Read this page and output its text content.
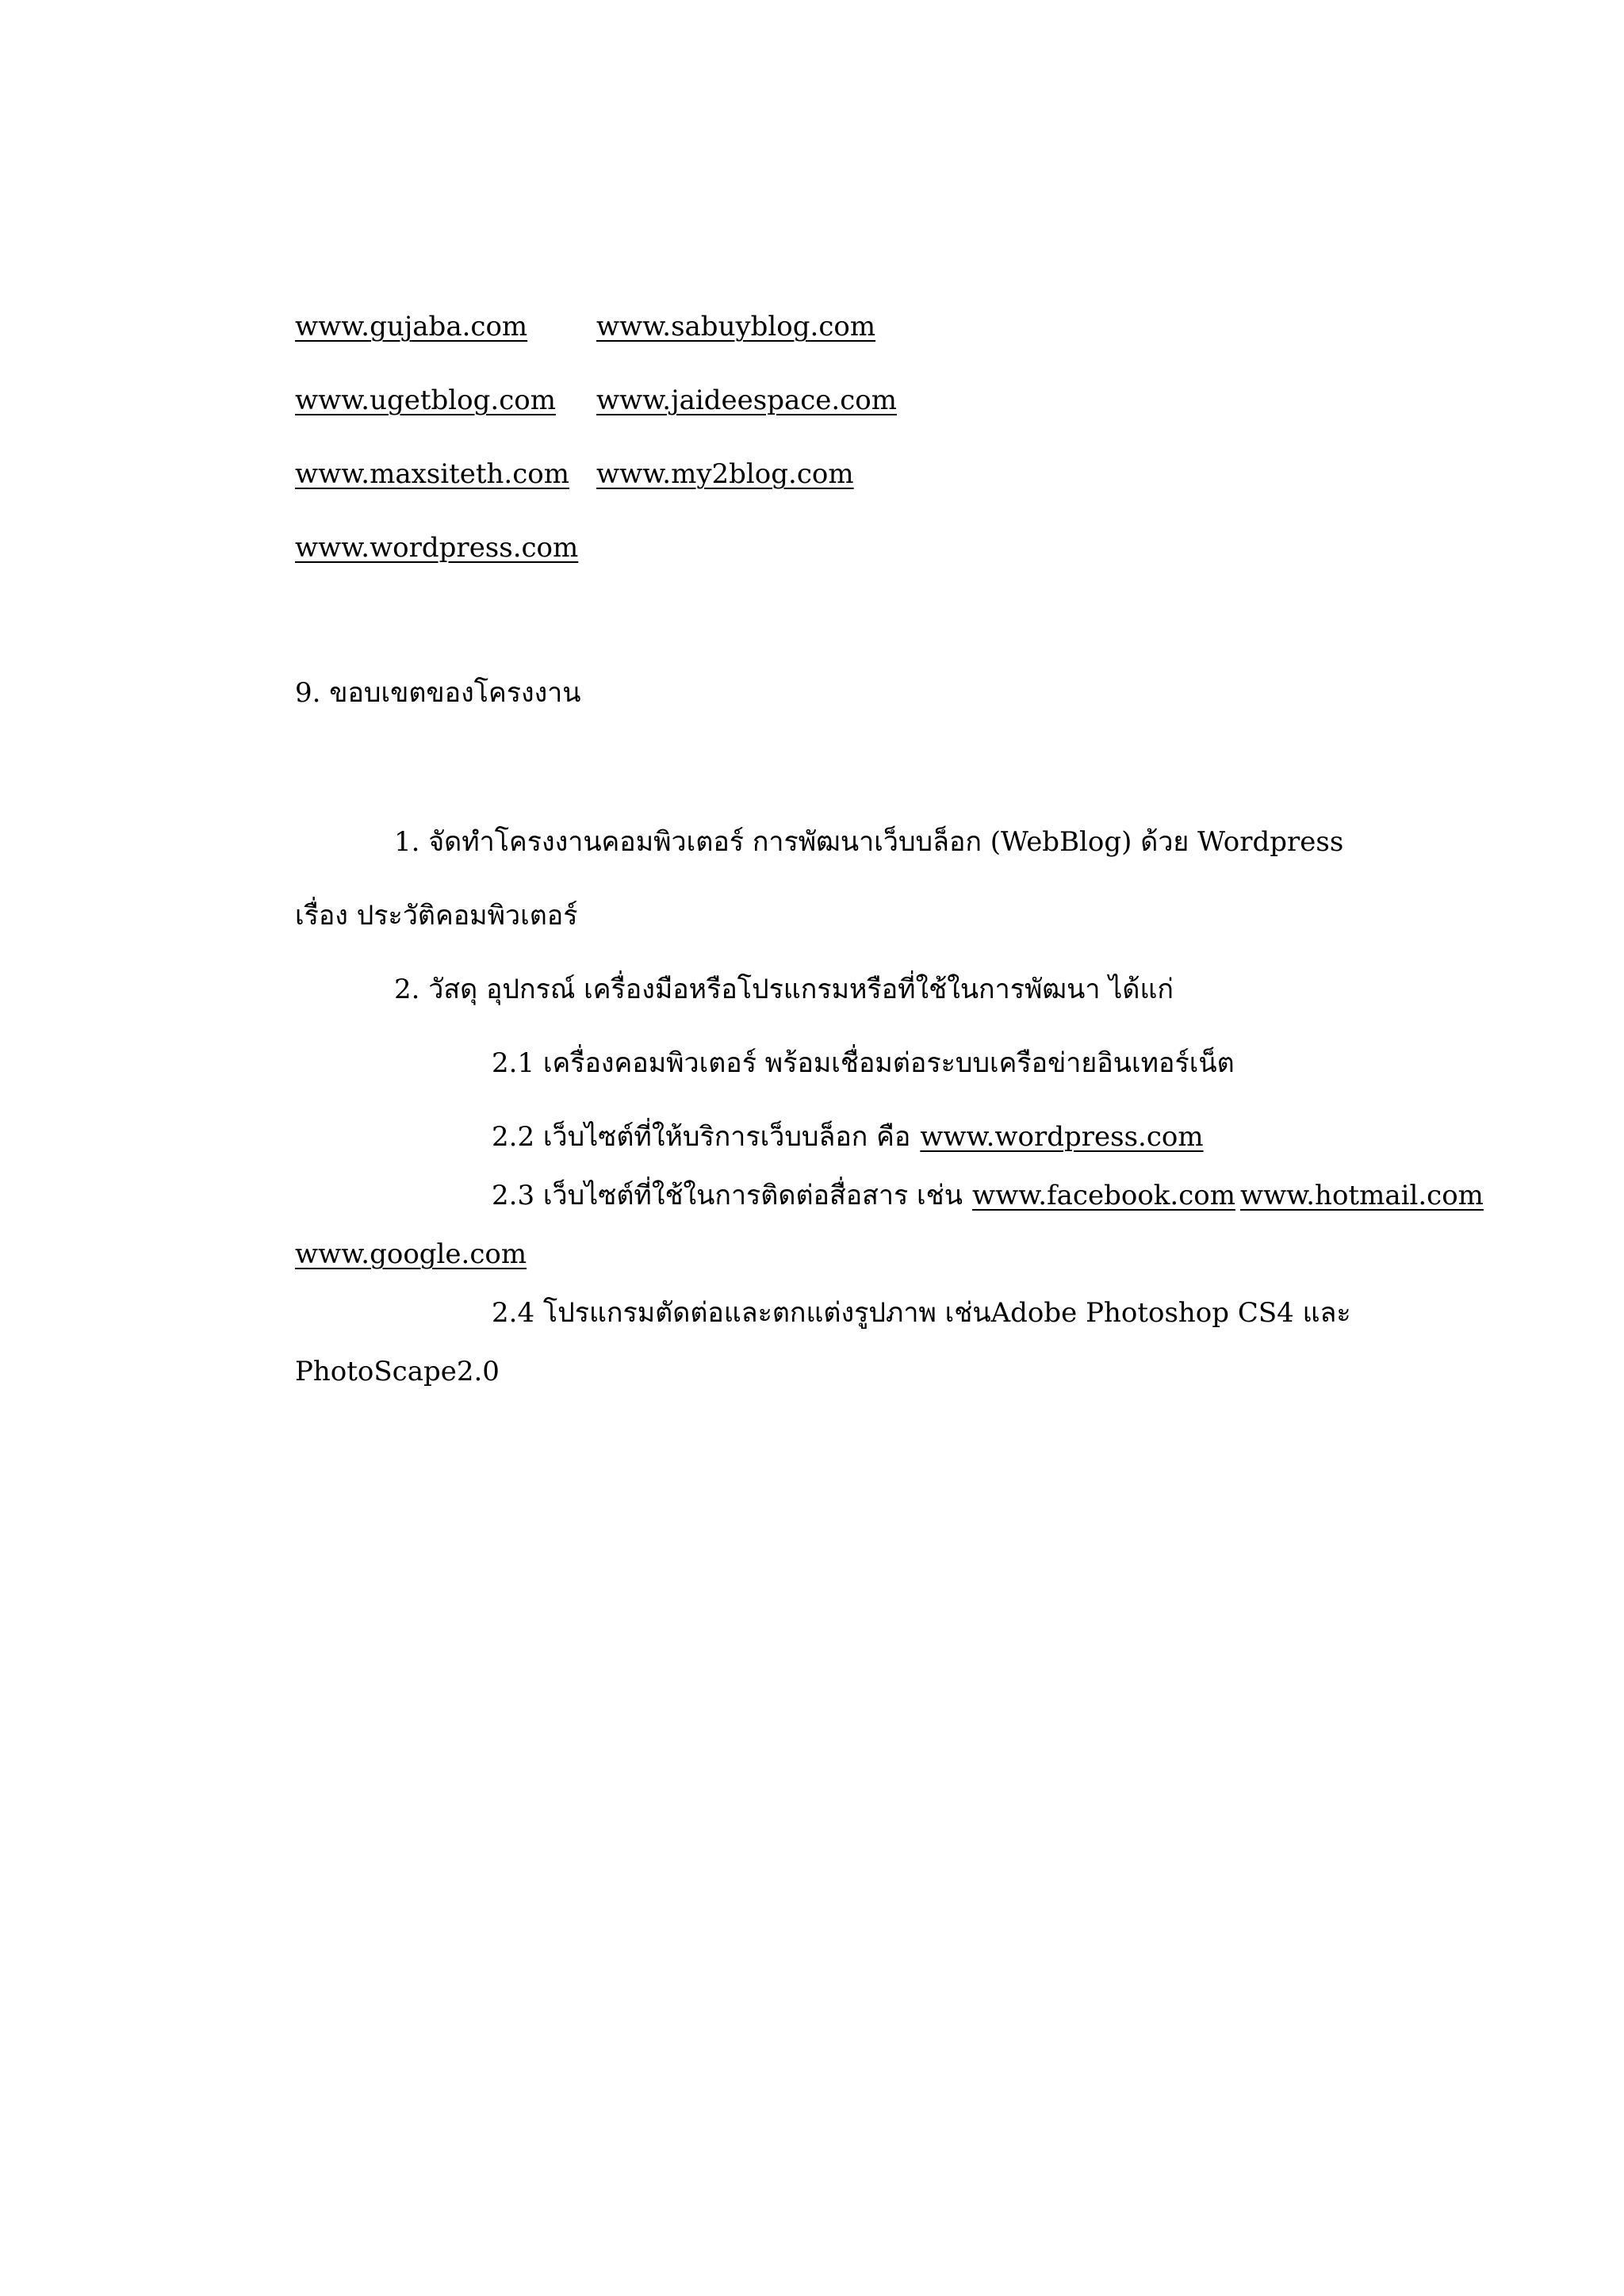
www.gujaba.com	www.sabuyblog.com
www.ugetblog.com www.jaideespace.com
www.maxsiteth.com www.my2blog.com
www.wordpress.com
9. ขอบเขตของโครงงาน
1. จัดทำโครงงานคอมพิวเตอร์ การพัฒนาเว็บบล็อก (WebBlog) ด้วย Wordpress
เรื่อง ประวัติคอมพิวเตอร์
2. วัสดุ อุปกรณ์ เครื่องมือหรือโปรแกรมหรือที่ใช้ในการพัฒนา ได้แก่
2.1 เครื่องคอมพิวเตอร์ พร้อมเชื่อมต่อระบบเครือข่ายอินเทอร์เน็ต
2.2 เว็บไซต์ที่ให้บริการเว็บบล็อก คือ www.wordpress.com
2.3 เว็บไซต์ที่ใช้ในการติดต่อสื่อสาร เช่น www.facebook.com www.hotmail.com
www.google.com
2.4 โปรแกรมตัดต่อและตกแต่งรูปภาพ เช่นAdobe Photoshop CS4 และ
PhotoScape2.0
